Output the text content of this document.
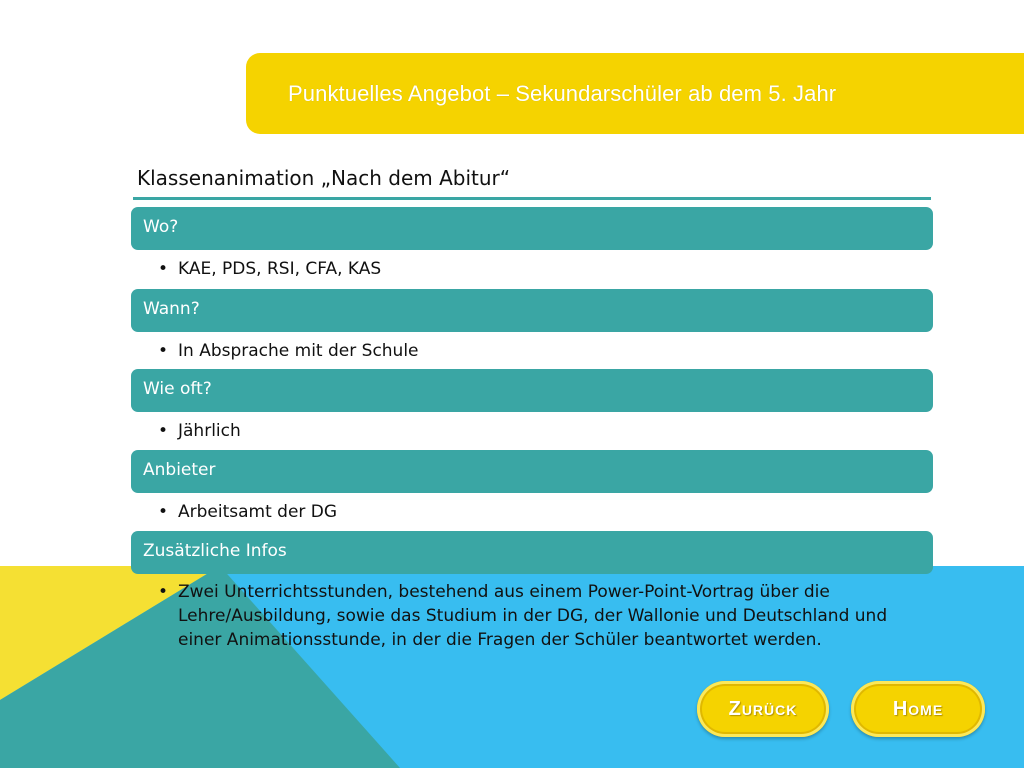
Punktuelles Angebot – Sekundarschüler ab dem 5. Jahr
Klassenanimation „Nach dem Abitur“
Wo?
• KAE, PDS, RSI, CFA, KAS
Wann?
• In Absprache mit der Schule
Wie oft?
• Jährlich
Anbieter
• Arbeitsamt der DG
Zusätzliche Infos
• Zwei Unterrichtsstunden, bestehend aus einem Power-Point-Vortrag über die Lehre/Ausbildung, sowie das Studium in der DG, der Wallonie und Deutschland und einer Animationsstunde, in der die Fragen der Schüler beantwortet werden.
Zurück	Home
